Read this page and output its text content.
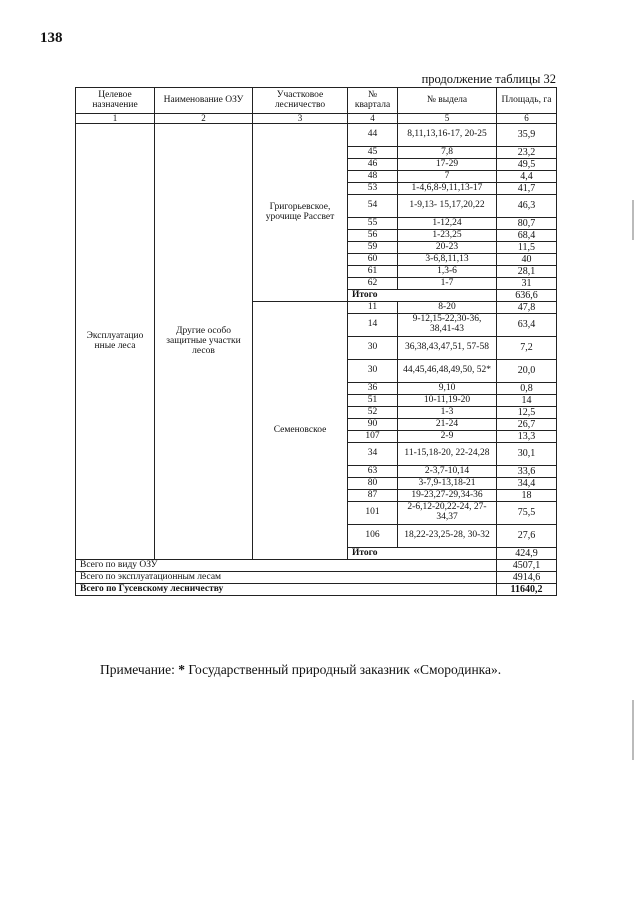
138
продолжение таблицы 32
Целевое назначение	Наименование ОЗУ	Участковое лесничество	№ квартала	№ выдела	Площадь, га
1	2	3	4	5	6
Эксплуатацио нные леса	Другие особо защитные участки лесов	Григорьевское, урочище Рассвет	44	8,11,13,16-17, 20-25	35,9
			45	7,8	23,2
			46	17-29	49,5
			48	7	4,4
			53	1-4,6,8-9,11,13-17	41,7
			54	1-9,13- 15,17,20,22	46,3
			55	1-12,24	80,7
			56	1-23,25	68,4
			59	20-23	11,5
			60	3-6,8,11,13	40
			61	1,3-6	28,1
			62	1-7	31
			Итого		636,6
		Семеновское	11	8-20	47,8
			14	9-12,15-22,30-36, 38,41-43	63,4
			30	36,38,43,47,51, 57-58	7,2
			30	44,45,46,48,49,50, 52*	20,0
			36	9,10	0,8
			51	10-11,19-20	14
			52	1-3	12,5
			90	21-24	26,7
			107	2-9	13,3
			34	11-15,18-20, 22-24,28	30,1
			63	2-3,7-10,14	33,6
			80	3-7,9-13,18-21	34,4
			87	19-23,27-29,34-36	18
			101	2-6,12-20,22-24, 27-34,37	75,5
			106	18,22-23,25-28, 30-32	27,6
			Итого		424,9
Всего по виду ОЗУ					4507,1
Всего по эксплуатационным лесам					4914,6
Всего по Гусевскому лесничеству					11640,2
Примечание: * Государственный природный заказник «Смородинка».
